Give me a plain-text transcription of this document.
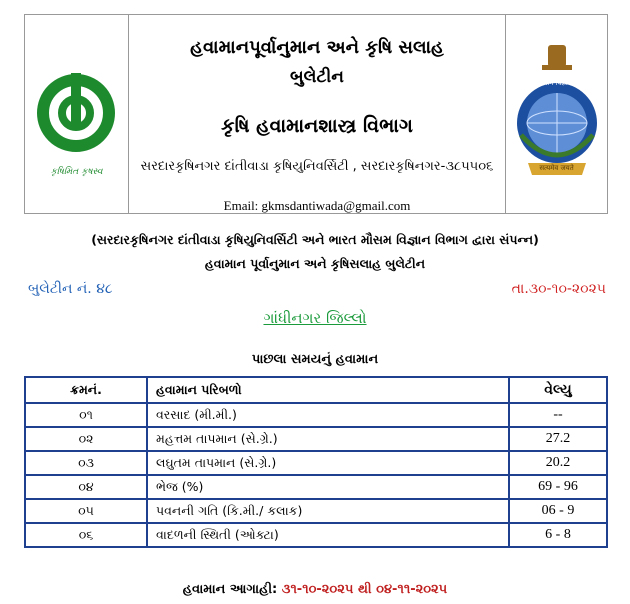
કૃષિમિત કૃષસ્વ
હવામાનપૂર્વાનુમાન અને કૃષિ સલાહ
બુલેટીન
કૃષિ હવામાનશાસ્ત્ર વિભાગ
સરદારકૃષિનગર દાંતીવાડા કૃષિયુનિવર્સિટી , સરદારકૃષિનગર-૩૮૫૫૦૬
Email: gkmsdantiwada@gmail.com
भारत मौसम विज्ञान विभाग
सत्यमेव जयते
(સરદારકૃષિનગર દાંતીવાડા કૃષિયુનિવર્સિટી અને ભારત મૌસમ વિજ્ઞાન વિભાગ દ્વારા સંપન્ન)
હવામાન પૂર્વાનુમાન અને કૃષિસલાહ બુલેટીન
બુલેટીન નં. ૪૮	તા.૩૦-૧૦-૨૦૨૫
ગાંધીનગર જિલ્લો
પાછલા સમયનું હવામાન
ક્રમનં.	હવામાન પરિબળો	વેલ્યુ
૦૧	વરસાદ (મી.મી.)	--
૦૨	મહત્તમ તાપમાન (સે.ગ્રે.)	27.2
૦૩	લઘુતમ તાપમાન (સે.ગ્રે.)	20.2
૦૪	ભેજ (%)	69 - 96
૦૫	પવનની ગતિ (કિ.મી./ કલાક)	06 - 9
૦૬	વાદળની સ્થિતી (ઓક્ટા)	6 - 8
હવામાન આગાહી: ૩૧-૧૦-૨૦૨૫ થી ૦૪-૧૧-૨૦૨૫
